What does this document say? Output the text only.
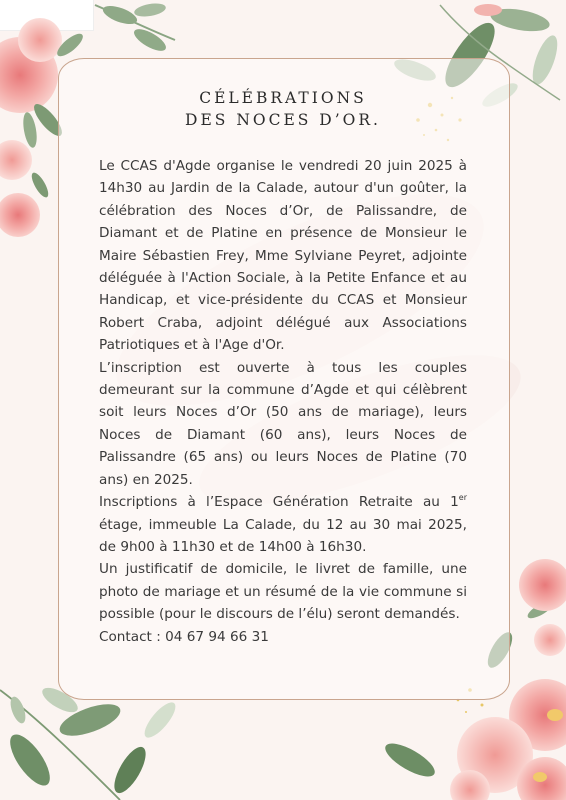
CÉLÉBRATIONS
DES NOCES D’OR.

Le CCAS d'Agde organise le vendredi 20 juin 2025 à 14h30 au Jardin de la Calade, autour d'un goûter, la célébration des Noces d’Or, de Palissandre, de Diamant et de Platine en présence de Monsieur le Maire Sébastien Frey, Mme Sylviane Peyret, adjointe déléguée à l'Action Sociale, à la Petite Enfance et au Handicap, et vice-présidente du CCAS et Monsieur Robert Craba, adjoint délégué aux Associations Patriotiques et à l'Age d'Or.

L’inscription est ouverte à tous les couples demeurant sur la commune d’Agde et qui célèbrent soit leurs Noces d’Or (50 ans de mariage), leurs Noces de Diamant (60 ans), leurs Noces de Palissandre (65 ans) ou leurs Noces de Platine (70 ans) en 2025.

Inscriptions à l’Espace Génération Retraite au 1er étage, immeuble La Calade, du 12 au 30 mai 2025, de 9h00 à 11h30 et de 14h00 à 16h30.

Un justificatif de domicile, le livret de famille, une photo de mariage et un résumé de la vie commune si possible (pour le discours de l’élu) seront demandés.

Contact : 04 67 94 66 31
